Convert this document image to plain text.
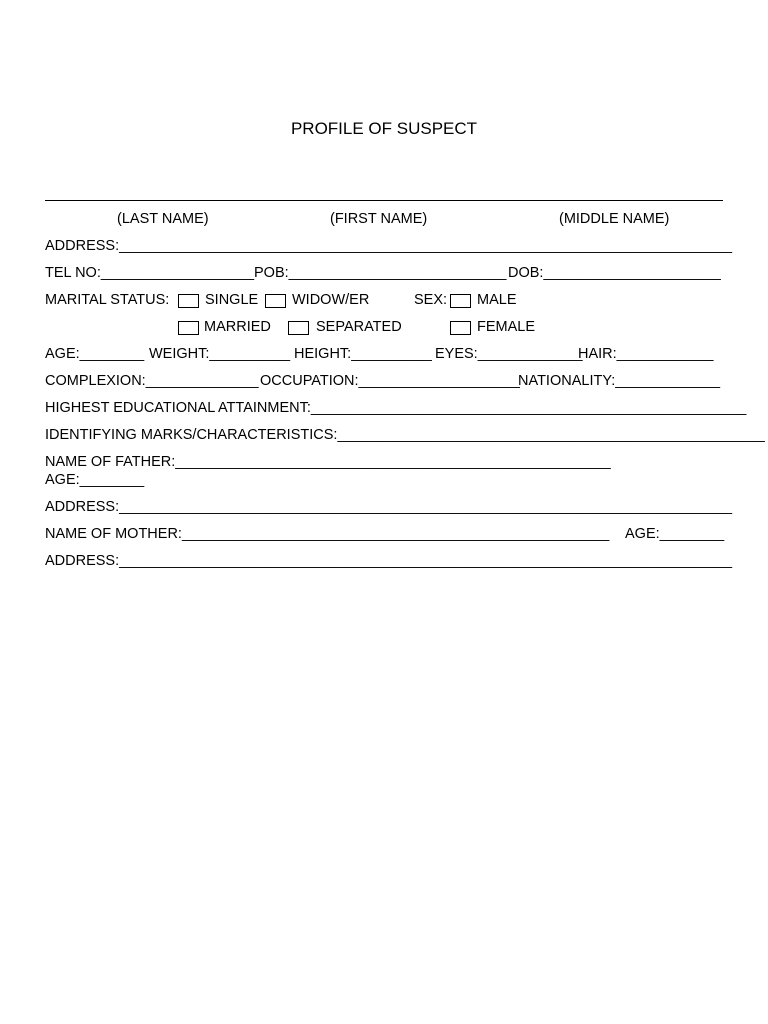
PROFILE OF SUSPECT
(LAST NAME)	(FIRST NAME)	(MIDDLE NAME)
ADDRESS:____________________________________________________________________________
TEL NO:___________________ POB:___________________________ DOB:______________________
MARITAL STATUS: SINGLE WIDOW/ER	SEX: MALE
MARRIED	SEPARATED	FEMALE
AGE:________ WEIGHT:__________ HEIGHT:__________ EYES:_____________
HAIR:____________
COMPLEXION:______________ OCCUPATION:____________________
NATIONALITY:_____________
HIGHEST EDUCATIONAL ATTAINMENT:______________________________________________________
IDENTIFYING MARKS/CHARACTERISTICS:_____________________________________________________
NAME OF FATHER:______________________________________________________
AGE:________
ADDRESS:____________________________________________________________________________
NAME OF MOTHER:_____________________________________________________ AGE:________
ADDRESS:____________________________________________________________________________
